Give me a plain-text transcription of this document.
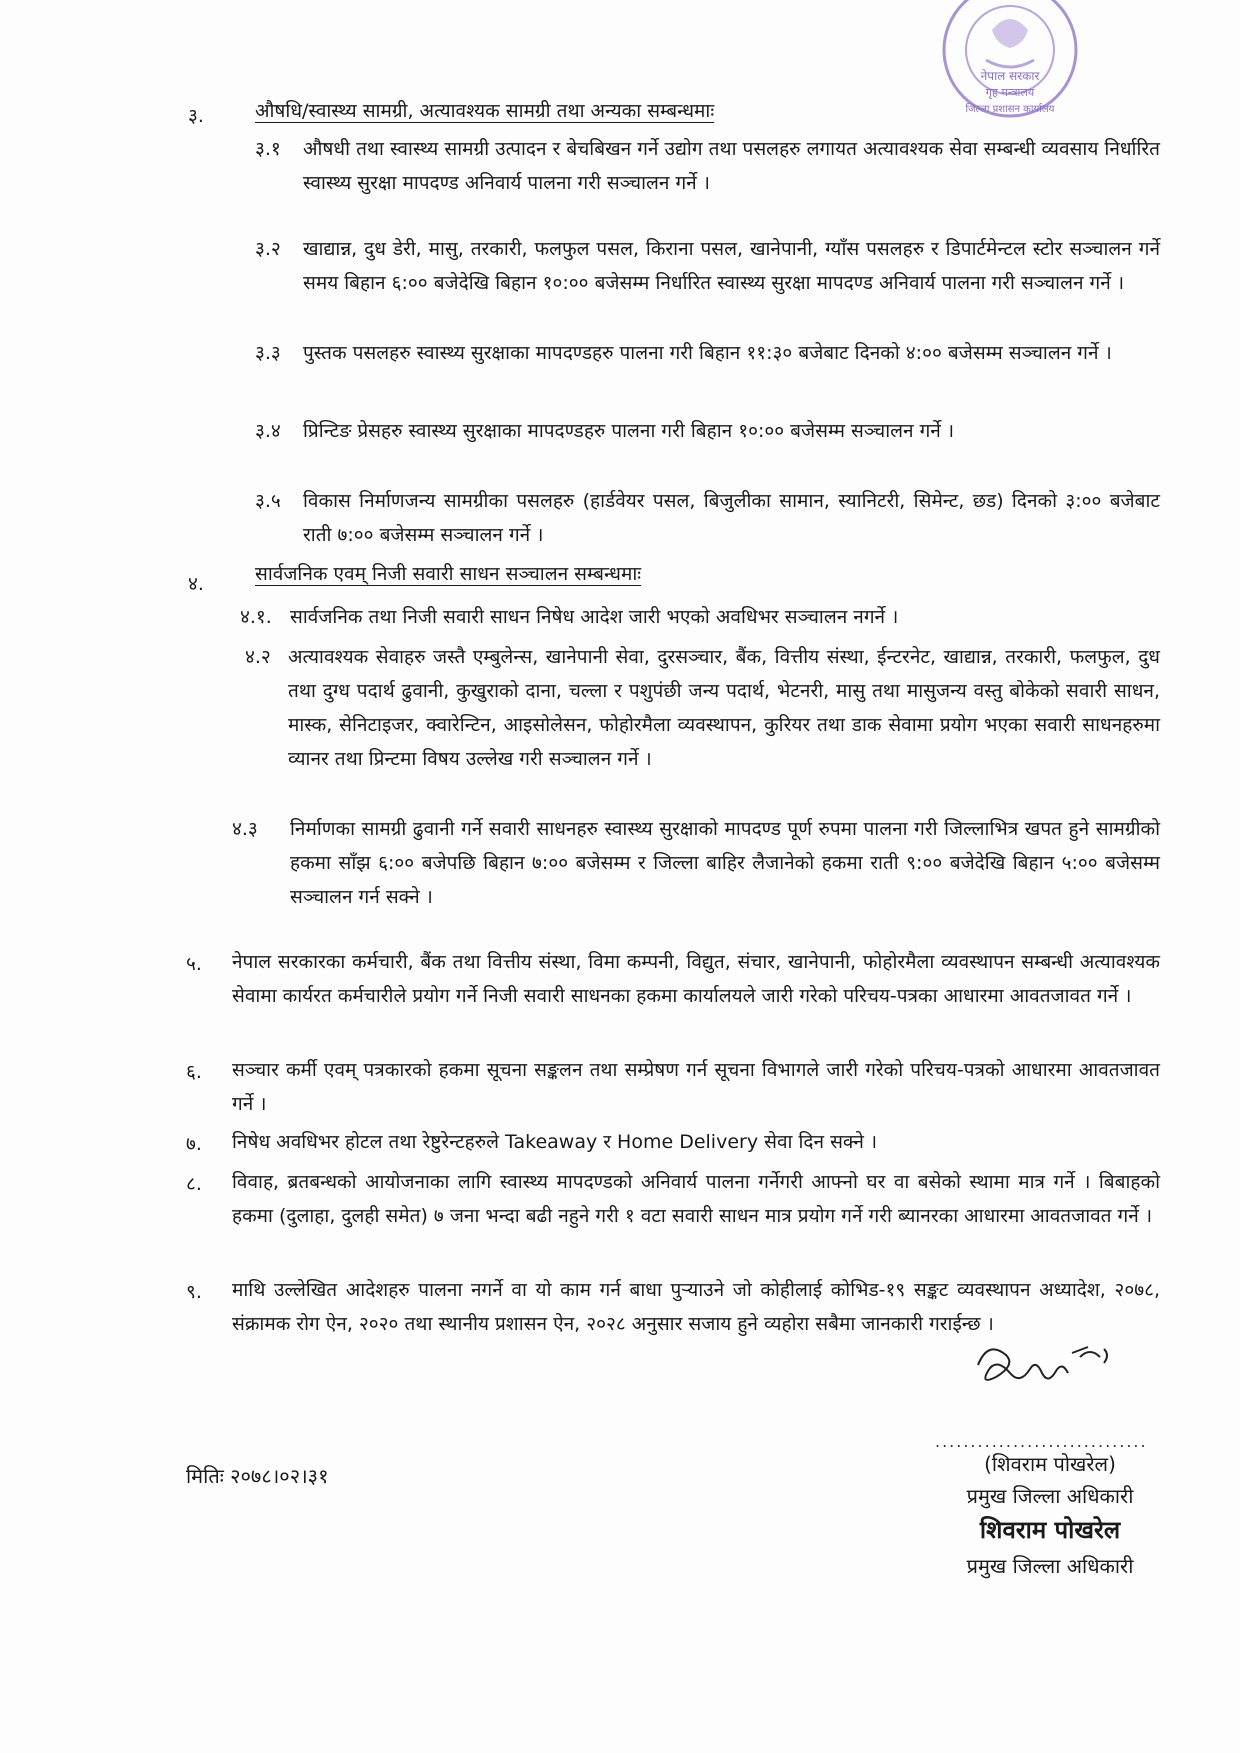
नेपाल सरकार
गृह मन्त्रालय
जिल्ला प्रशासन कार्यालय
३.	औषधि/स्वास्थ्य सामग्री, अत्यावश्यक सामग्री तथा अन्यका सम्बन्धमाः
३.१ औषधी तथा स्वास्थ्य सामग्री उत्पादन र बेचबिखन गर्ने उद्योग तथा पसलहरु लगायत अत्यावश्यक सेवा सम्बन्धी व्यवसाय निर्धारित स्वास्थ्य सुरक्षा मापदण्ड अनिवार्य पालना गरी सञ्चालन गर्ने ।
३.२ खाद्यान्न, दुध डेरी, मासु, तरकारी, फलफुल पसल, किराना पसल, खानेपानी, ग्याँस पसलहरु र डिपार्टमेन्टल स्टोर सञ्चालन गर्ने समय बिहान ६:०० बजेदेखि बिहान १०:०० बजेसम्म निर्धारित स्वास्थ्य सुरक्षा मापदण्ड अनिवार्य पालना गरी सञ्चालन गर्ने ।
३.३ पुस्तक पसलहरु स्वास्थ्य सुरक्षाका मापदण्डहरु पालना गरी बिहान ११:३० बजेबाट दिनको ४:०० बजेसम्म सञ्चालन गर्ने ।
३.४ प्रिन्टिङ प्रेसहरु स्वास्थ्य सुरक्षाका मापदण्डहरु पालना गरी बिहान १०:०० बजेसम्म सञ्चालन गर्ने ।
३.५ विकास निर्माणजन्य सामग्रीका पसलहरु (हार्डवेयर पसल, बिजुलीका सामान, स्यानिटरी, सिमेन्ट, छड) दिनको ३:०० बजेबाट राती ७:०० बजेसम्म सञ्चालन गर्ने ।
४.	सार्वजनिक एवम् निजी सवारी साधन सञ्चालन सम्बन्धमाः
४.१. सार्वजनिक तथा निजी सवारी साधन निषेध आदेश जारी भएको अवधिभर सञ्चालन नगर्ने ।
४.२ अत्यावश्यक सेवाहरु जस्तै एम्बुलेन्स, खानेपानी सेवा, दुरसञ्चार, बैंक, वित्तीय संस्था, ईन्टरनेट, खाद्यान्न, तरकारी, फलफुल, दुध तथा दुग्ध पदार्थ ढुवानी, कुखुराको दाना, चल्ला र पशुपंछी जन्य पदार्थ, भेटनरी, मासु तथा मासुजन्य वस्तु बोकेको सवारी साधन, मास्क, सेनिटाइजर, क्वारेन्टिन, आइसोलेसन, फोहोरमैला व्यवस्थापन, कुरियर तथा डाक सेवामा प्रयोग भएका सवारी साधनहरुमा व्यानर तथा प्रिन्टमा विषय उल्लेख गरी सञ्चालन गर्ने ।
४.३ निर्माणका सामग्री ढुवानी गर्ने सवारी साधनहरु स्वास्थ्य सुरक्षाको मापदण्ड पूर्ण रुपमा पालना गरी जिल्लाभित्र खपत हुने सामग्रीको हकमा साँझ ६:०० बजेपछि बिहान ७:०० बजेसम्म र जिल्ला बाहिर लैजानेको हकमा राती ९:०० बजेदेखि बिहान ५:०० बजेसम्म सञ्चालन गर्न सक्ने ।
५. नेपाल सरकारका कर्मचारी, बैंक तथा वित्तीय संस्था, विमा कम्पनी, विद्युत, संचार, खानेपानी, फोहोरमैला व्यवस्थापन सम्बन्धी अत्यावश्यक सेवामा कार्यरत कर्मचारीले प्रयोग गर्ने निजी सवारी साधनका हकमा कार्यालयले जारी गरेको परिचय-पत्रका आधारमा आवतजावत गर्ने ।
६. सञ्चार कर्मी एवम् पत्रकारको हकमा सूचना सङ्कलन तथा सम्प्रेषण गर्न सूचना विभागले जारी गरेको परिचय-पत्रको आधारमा आवतजावत गर्ने ।
७. निषेध अवधिभर होटल तथा रेष्टुरेन्टहरुले Takeaway र Home Delivery सेवा दिन सक्ने ।
८. विवाह, ब्रतबन्धको आयोजनाका लागि स्वास्थ्य मापदण्डको अनिवार्य पालना गर्नेगरी आफ्नो घर वा बसेको स्थामा मात्र गर्ने । बिबाहको हकमा (दुलाहा, दुलही समेत) ७ जना भन्दा बढी नहुने गरी १ वटा सवारी साधन मात्र प्रयोग गर्ने गरी ब्यानरका आधारमा आवतजावत गर्ने ।
९. माथि उल्लेखित आदेशहरु पालना नगर्ने वा यो काम गर्न बाधा पुर्‍याउने जो कोहीलाई कोभिड-१९ सङ्कट व्यवस्थापन अध्यादेश, २०७८, संक्रामक रोग ऐन, २०२० तथा स्थानीय प्रशासन ऐन, २०२८ अनुसार सजाय हुने व्यहोरा सबैमा जानकारी गराईन्छ ।
..............................
(शिवराम पोखरेल)
प्रमुख जिल्ला अधिकारी
शिवराम पोखरेल
प्रमुख जिल्ला अधिकारी
मितिः २०७८।०२।३१
